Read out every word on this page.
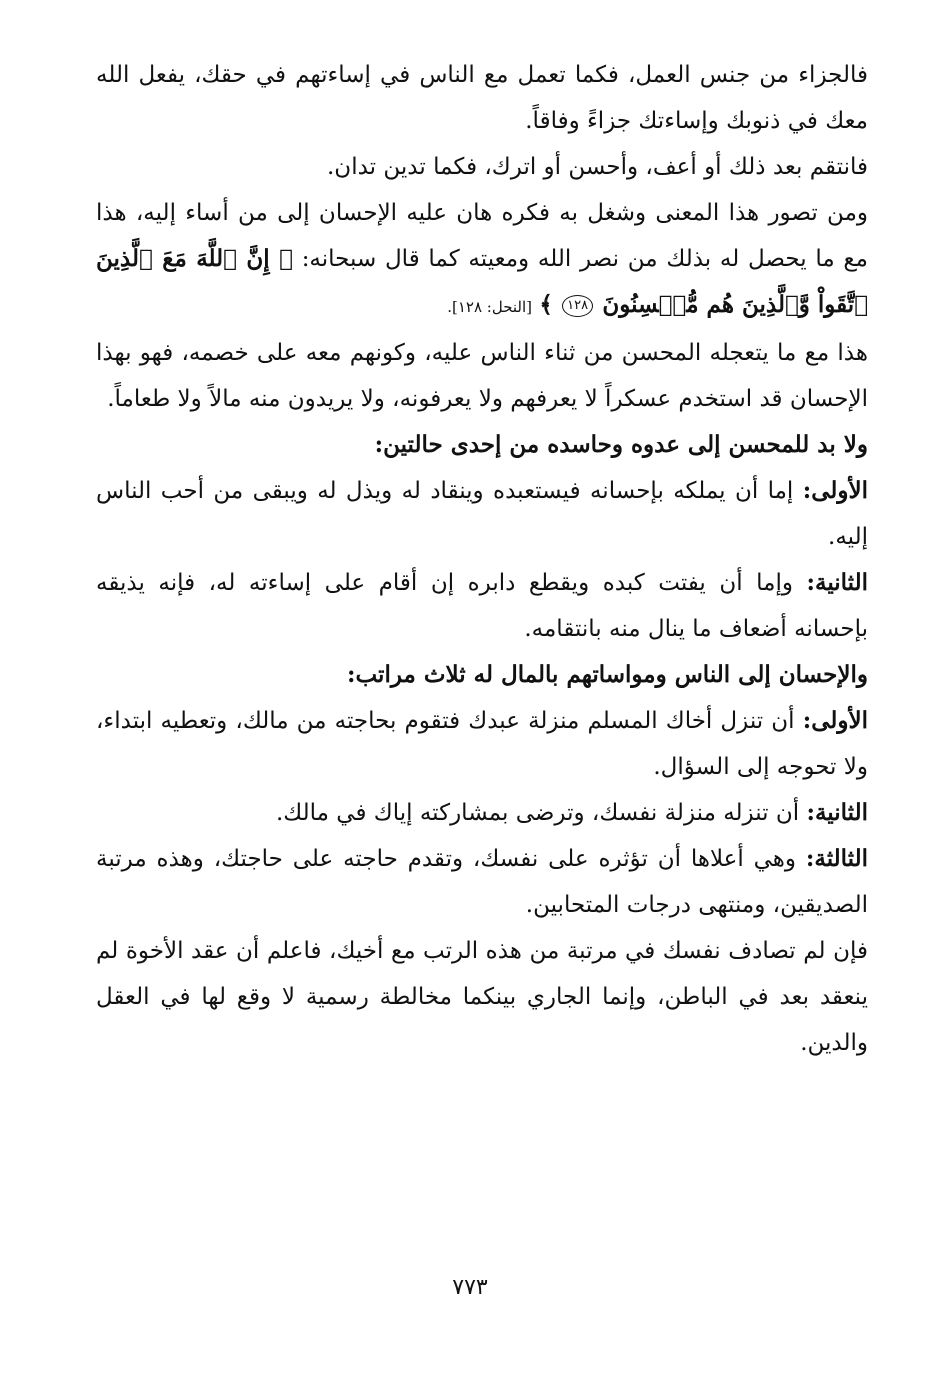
فالجزاء من جنس العمل، فكما تعمل مع الناس في إساءتهم في حقك، يفعل الله معك في ذنوبك وإساءتك جزاءً وفاقاً.

فانتقم بعد ذلك أو أعف، وأحسن أو اترك، فكما تدين تدان.

ومن تصور هذا المعنى وشغل به فكره هان عليه الإحسان إلى من أساء إليه، هذا مع ما يحصل له بذلك من نصر الله ومعيته كما قال سبحانه: ﴿ إِنَّ ٱللَّهَ مَعَ ٱلَّذِينَ ٱتَّقَواْ وَّٱلَّذِينَ هُم مُّحۡسِنُونَ ١٢٨ ﴾ [النحل: ١٢٨].

هذا مع ما يتعجله المحسن من ثناء الناس عليه، وكونهم معه على خصمه، فهو بهذا الإحسان قد استخدم عسكراً لا يعرفهم ولا يعرفونه، ولا يريدون منه مالاً ولا طعاماً.

ولا بد للمحسن إلى عدوه وحاسده من إحدى حالتين:

الأولى: إما أن يملكه بإحسانه فيستعبده وينقاد له ويذل له ويبقى من أحب الناس إليه.

الثانية: وإما أن يفتت كبده ويقطع دابره إن أقام على إساءته له، فإنه يذيقه بإحسانه أضعاف ما ينال منه بانتقامه.

والإحسان إلى الناس ومواساتهم بالمال له ثلاث مراتب:

الأولى: أن تنزل أخاك المسلم منزلة عبدك فتقوم بحاجته من مالك، وتعطيه ابتداء، ولا تحوجه إلى السؤال.

الثانية: أن تنزله منزلة نفسك، وترضى بمشاركته إياك في مالك.

الثالثة: وهي أعلاها أن تؤثره على نفسك، وتقدم حاجته على حاجتك، وهذه مرتبة الصديقين، ومنتهى درجات المتحابين.

فإن لم تصادف نفسك في مرتبة من هذه الرتب مع أخيك، فاعلم أن عقد الأخوة لم ينعقد بعد في الباطن، وإنما الجاري بينكما مخالطة رسمية لا وقع لها في العقل والدين.

٧٧٣
